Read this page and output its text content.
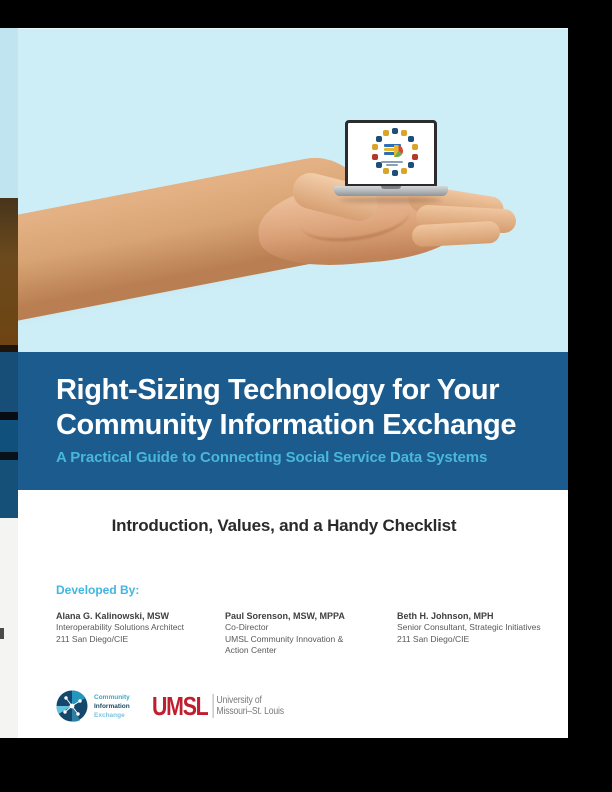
Right-Sizing Technology for Your
Community Information Exchange
A Practical Guide to Connecting Social Service Data Systems
Introduction, Values, and a Handy Checklist
Developed By:
Alana G. Kalinowski, MSW
Interoperability Solutions Architect
211 San Diego/CIE
Paul Sorenson, MSW, MPPA
Co-Director
UMSL Community Innovation &
Action Center
Beth H. Johnson, MPH
Senior Consultant, Strategic Initiatives
211 San Diego/CIE
Community
Information
Exchange UMSL University of
Missouri–St. Louis
